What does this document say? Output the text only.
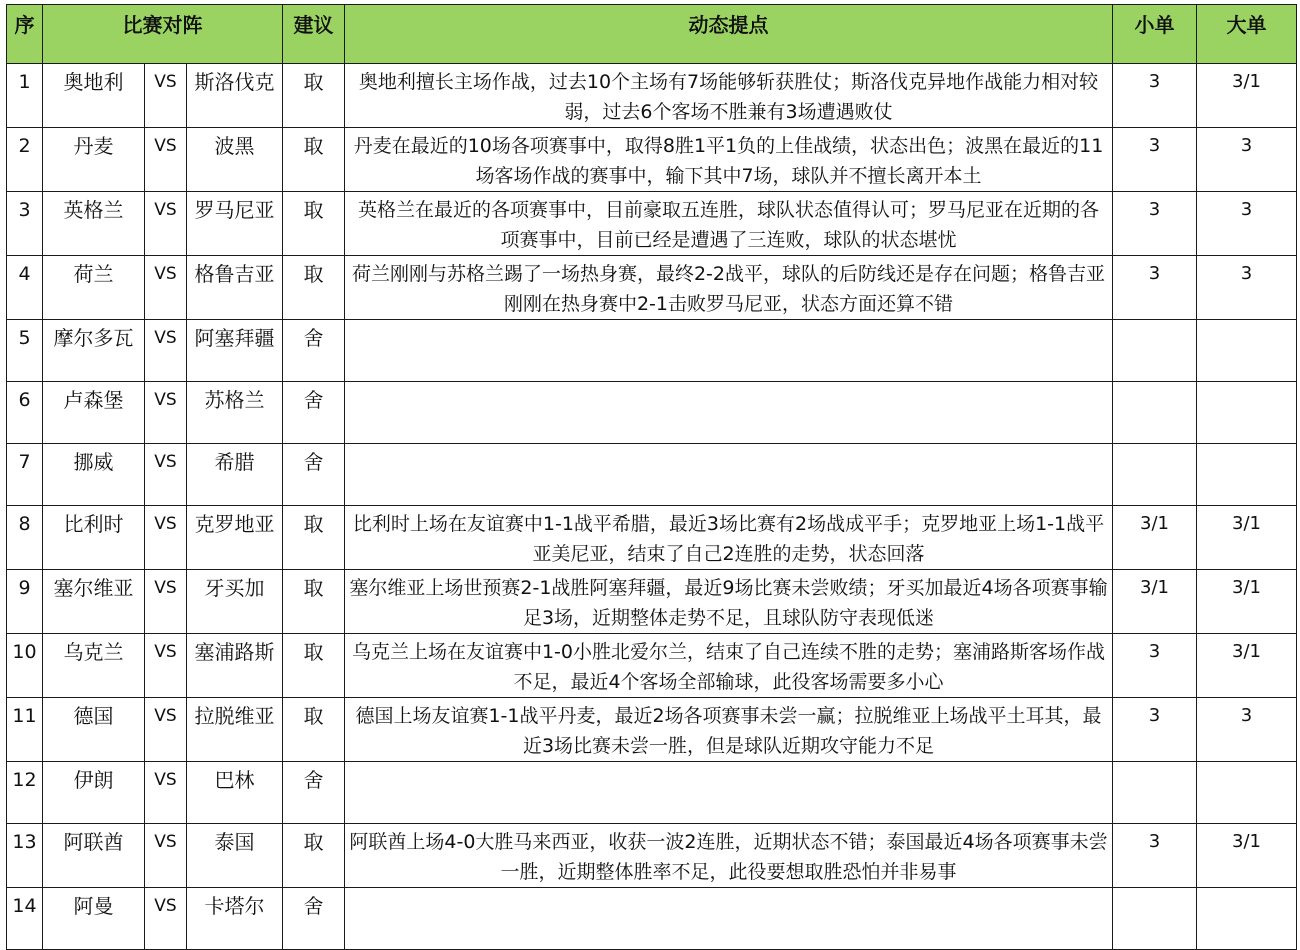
序	比赛对阵			建议	动态提点	小单	大单
1	奥地利	VS	斯洛伐克	取	奥地利擅长主场作战，过去10个主场有7场能够斩获胜仗；斯洛伐克异地作战能力相对较弱，过去6个客场不胜兼有3场遭遇败仗	3	3/1
2	丹麦	VS	波黑	取	丹麦在最近的10场各项赛事中，取得8胜1平1负的上佳战绩，状态出色；波黑在最近的11场客场作战的赛事中，输下其中7场，球队并不擅长离开本土	3	3
3	英格兰	VS	罗马尼亚	取	英格兰在最近的各项赛事中，目前豪取五连胜，球队状态值得认可；罗马尼亚在近期的各项赛事中，目前已经是遭遇了三连败，球队的状态堪忧	3	3
4	荷兰	VS	格鲁吉亚	取	荷兰刚刚与苏格兰踢了一场热身赛，最终2-2战平，球队的后防线还是存在问题；格鲁吉亚刚刚在热身赛中2-1击败罗马尼亚，状态方面还算不错	3	3
5	摩尔多瓦	VS	阿塞拜疆	舍			
6	卢森堡	VS	苏格兰	舍			
7	挪威	VS	希腊	舍			
8	比利时	VS	克罗地亚	取	比利时上场在友谊赛中1-1战平希腊，最近3场比赛有2场战成平手；克罗地亚上场1-1战平亚美尼亚，结束了自己2连胜的走势，状态回落	3/1	3/1
9	塞尔维亚	VS	牙买加	取	塞尔维亚上场世预赛2-1战胜阿塞拜疆，最近9场比赛未尝败绩；牙买加最近4场各项赛事输足3场，近期整体走势不足，且球队防守表现低迷	3/1	3/1
10	乌克兰	VS	塞浦路斯	取	乌克兰上场在友谊赛中1-0小胜北爱尔兰，结束了自己连续不胜的走势；塞浦路斯客场作战不足，最近4个客场全部输球，此役客场需要多小心	3	3/1
11	德国	VS	拉脱维亚	取	德国上场友谊赛1-1战平丹麦，最近2场各项赛事未尝一赢；拉脱维亚上场战平土耳其，最近3场比赛未尝一胜，但是球队近期攻守能力不足	3	3
12	伊朗	VS	巴林	舍			
13	阿联酋	VS	泰国	取	阿联酋上场4-0大胜马来西亚，收获一波2连胜，近期状态不错；泰国最近4场各项赛事未尝一胜，近期整体胜率不足，此役要想取胜恐怕并非易事	3	3/1
14	阿曼	VS	卡塔尔	舍			
